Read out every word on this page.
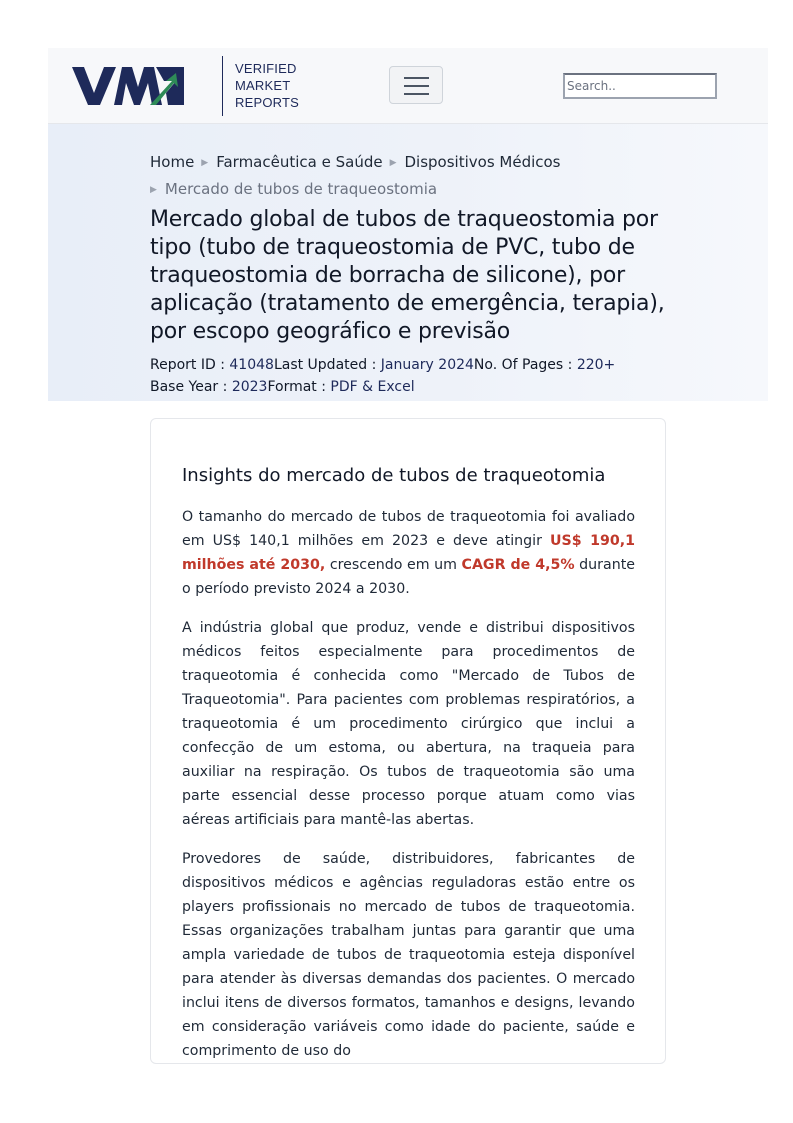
VERIFIED
MARKET
REPORTS
Search..
Home ▶ Farmacêutica e Saúde ▶ Dispositivos Médicos
▶ Mercado de tubos de traqueostomia
Mercado global de tubos de traqueostomia por tipo (tubo de traqueostomia de PVC, tubo de traqueostomia de borracha de silicone), por aplicação (tratamento de emergência, terapia), por escopo geográfico e previsão
Report ID : 41048Last Updated : January 2024No. Of Pages : 220+
Base Year : 2023Format : PDF & Excel
Insights do mercado de tubos de traqueotomia

O tamanho do mercado de tubos de traqueotomia foi avaliado em US$ 140,1 milhões em 2023 e deve atingir US$ 190,1 milhões até 2030, crescendo em um CAGR de 4,5% durante o período previsto 2024 a 2030.

A indústria global que produz, vende e distribui dispositivos médicos feitos especialmente para procedimentos de traqueotomia é conhecida como "Mercado de Tubos de Traqueotomia". Para pacientes com problemas respiratórios, a traqueotomia é um procedimento cirúrgico que inclui a confecção de um estoma, ou abertura, na traqueia para auxiliar na respiração. Os tubos de traqueotomia são uma parte essencial desse processo porque atuam como vias aéreas artificiais para mantê-las abertas.

Provedores de saúde, distribuidores, fabricantes de dispositivos médicos e agências reguladoras estão entre os players profissionais no mercado de tubos de traqueotomia. Essas organizações trabalham juntas para garantir que uma ampla variedade de tubos de traqueotomia esteja disponível para atender às diversas demandas dos pacientes. O mercado inclui itens de diversos formatos, tamanhos e designs, levando em consideração variáveis como idade do paciente, saúde e comprimento de uso do
